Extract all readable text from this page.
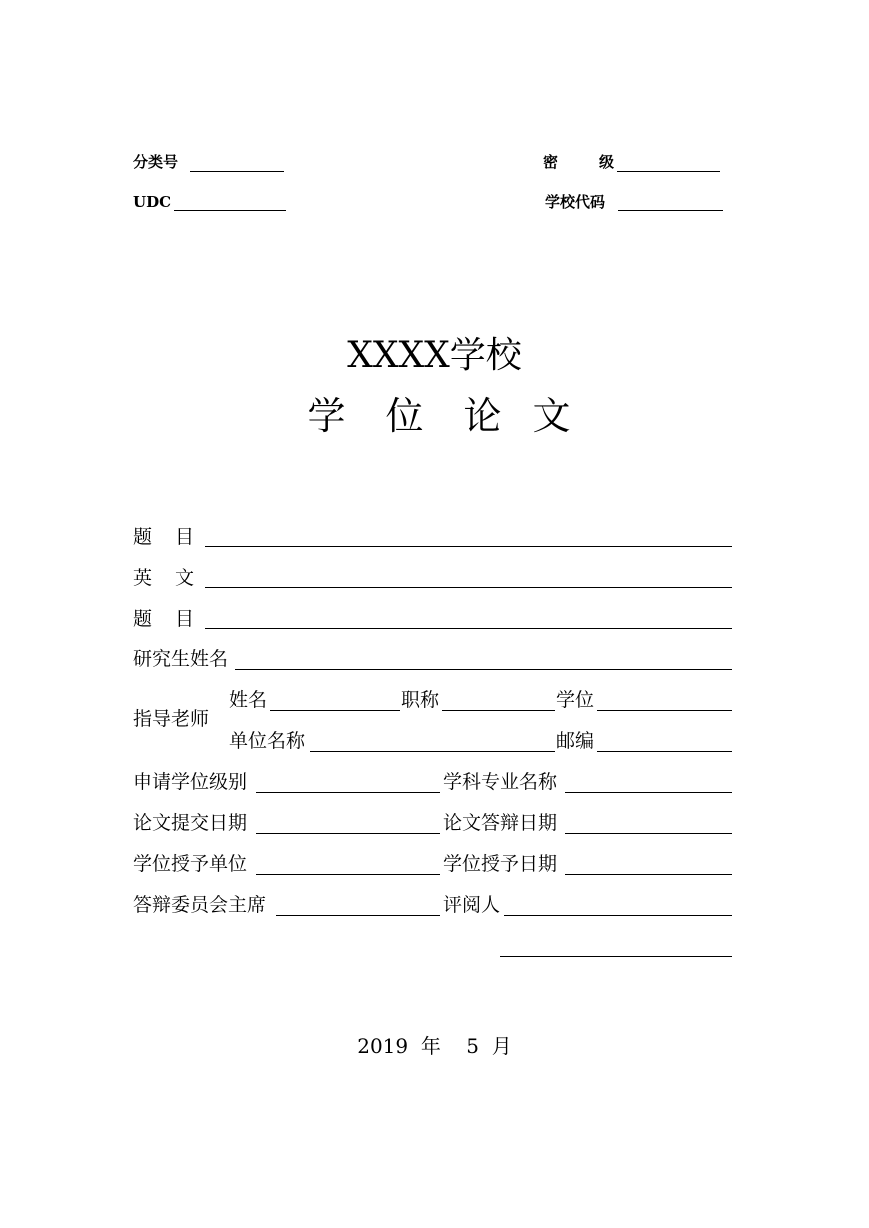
分类号	密	级
UDC	学校代码
XXXX学校
学 位 论 文
题 目
英 文
题 目
研究生姓名
指导老师
姓名	职称	学位
单位名称	邮编
申请学位级别	学科专业名称
论文提交日期	论文答辩日期
学位授予单位	学位授予日期
答辩委员会主席	评阅人
2019 年 5 月
